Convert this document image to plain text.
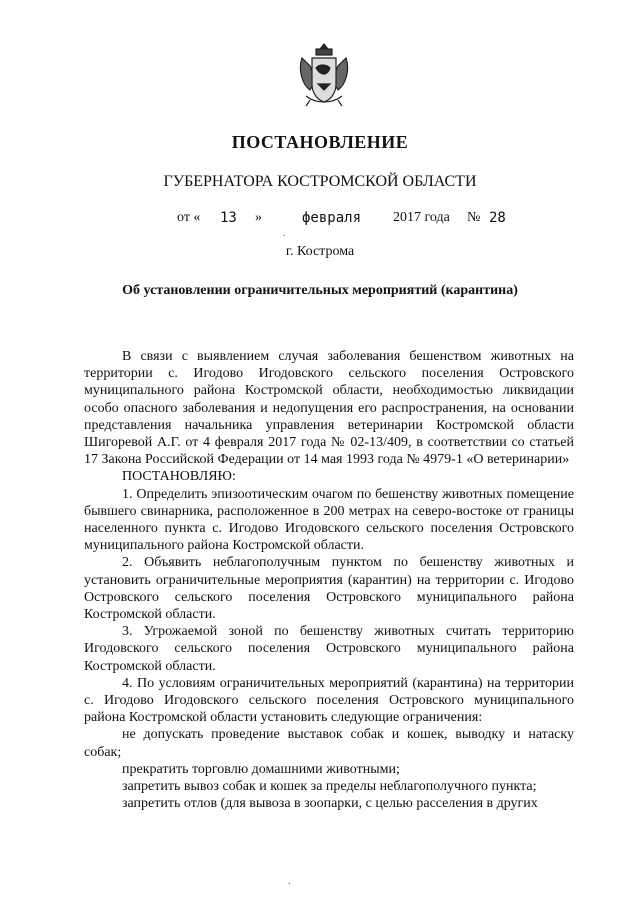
ПОСТАНОВЛЕНИЕ
ГУБЕРНАТОРА КОСТРОМСКОЙ ОБЛАСТИ
от « 13 »	февраля 2017 года № 28
г. Кострома
Об установлении ограничительных мероприятий (карантина)

В связи с выявлением случая заболевания бешенством животных на территории с. Игодово Игодовского сельского поселения Островского муниципального района Костромской области, необходимостью ликвидации особо опасного заболевания и недопущения его распространения, на основании представления начальника управления ветеринарии Костромской области Шигоревой А.Г. от 4 февраля 2017 года № 02-13/409, в соответствии со статьей 17 Закона Российской Федерации от 14 мая 1993 года № 4979-1 «О ветеринарии»

ПОСТАНОВЛЯЮ:

1. Определить эпизоотическим очагом по бешенству животных помещение бывшего свинарника, расположенное в 200 метрах на северо-востоке от границы населенного пункта с. Игодово Игодовского сельского поселения Островского муниципального района Костромской области.

2. Объявить неблагополучным пунктом по бешенству животных и установить ограничительные мероприятия (карантин) на территории с. Игодово Островского сельского поселения Островского муниципального района Костромской области.

3. Угрожаемой зоной по бешенству животных считать территорию Игодовского сельского поселения Островского муниципального района Костромской области.

4. По условиям ограничительных мероприятий (карантина) на территории с. Игодово Игодовского сельского поселения Островского муниципального района Костромской области установить следующие ограничения:

не допускать проведение выставок собак и кошек, выводку и натаску собак;

прекратить торговлю домашними животными;

запретить вывоз собак и кошек за пределы неблагополучного пункта;

запретить отлов (для вывоза в зоопарки, с целью расселения в других

.
.
